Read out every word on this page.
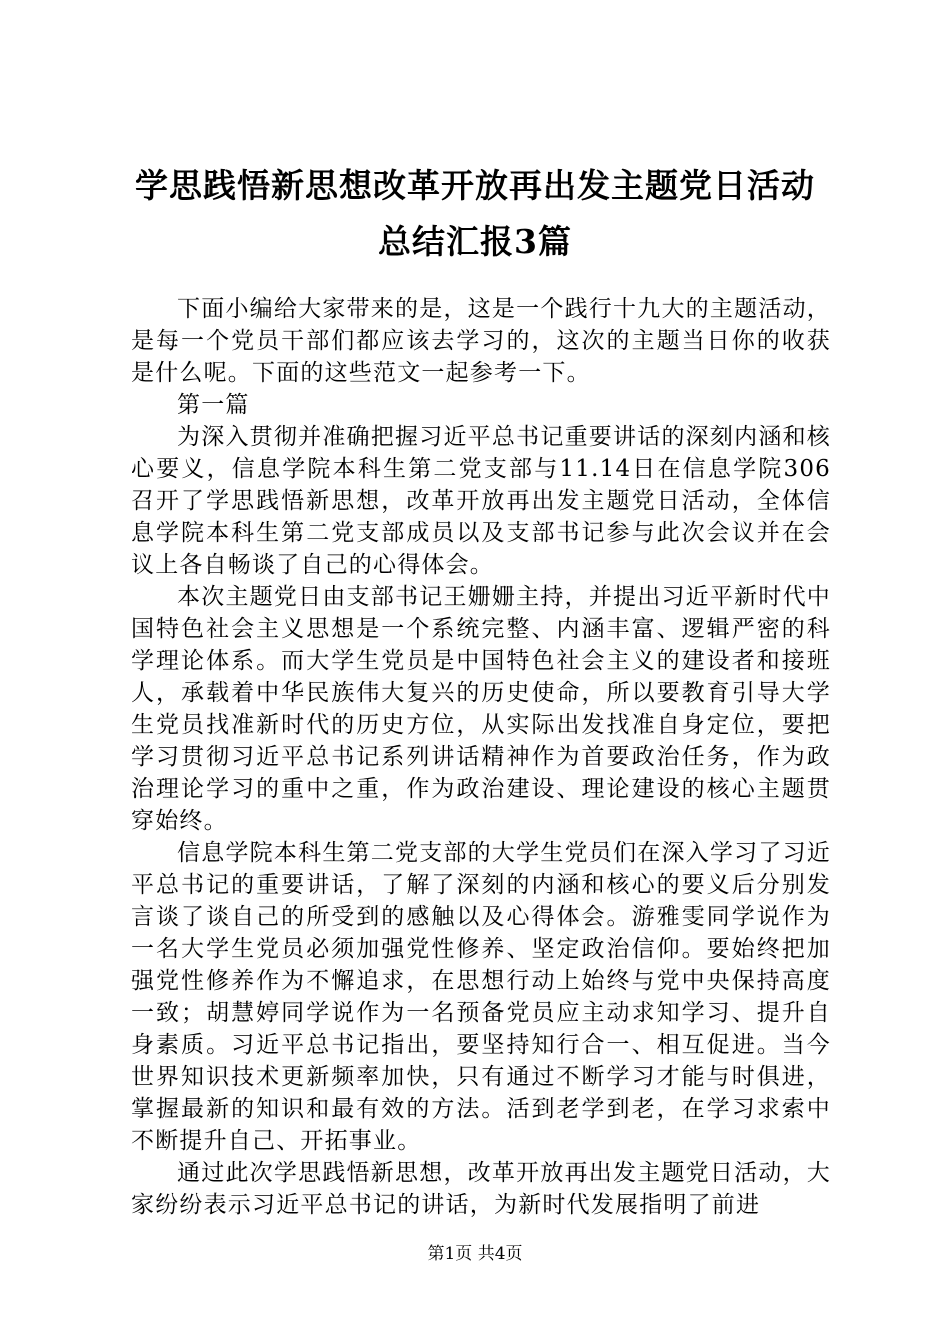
学思践悟新思想改革开放再出发主题党日活动
总结汇报3篇

下面小编给大家带来的是，这是一个践行十九大的主题活动，是每一个党员干部们都应该去学习的，这次的主题当日你的收获是什么呢。下面的这些范文一起参考一下。

第一篇

为深入贯彻并准确把握习近平总书记重要讲话的深刻内涵和核心要义，信息学院本科生第二党支部与11.14日在信息学院306召开了学思践悟新思想，改革开放再出发主题党日活动，全体信息学院本科生第二党支部成员以及支部书记参与此次会议并在会议上各自畅谈了自己的心得体会。

本次主题党日由支部书记王姗姗主持，并提出习近平新时代中国特色社会主义思想是一个系统完整、内涵丰富、逻辑严密的科学理论体系。而大学生党员是中国特色社会主义的建设者和接班人，承载着中华民族伟大复兴的历史使命，所以要教育引导大学生党员找准新时代的历史方位，从实际出发找准自身定位，要把学习贯彻习近平总书记系列讲话精神作为首要政治任务，作为政治理论学习的重中之重，作为政治建设、理论建设的核心主题贯穿始终。

信息学院本科生第二党支部的大学生党员们在深入学习了习近平总书记的重要讲话，了解了深刻的内涵和核心的要义后分别发言谈了谈自己的所受到的感触以及心得体会。游雅雯同学说作为一名大学生党员必须加强党性修养、坚定政治信仰。要始终把加强党性修养作为不懈追求，在思想行动上始终与党中央保持高度一致；胡慧婷同学说作为一名预备党员应主动求知学习、提升自身素质。习近平总书记指出，要坚持知行合一、相互促进。当今世界知识技术更新频率加快，只有通过不断学习才能与时俱进，掌握最新的知识和最有效的方法。活到老学到老，在学习求索中不断提升自己、开拓事业。

通过此次学思践悟新思想，改革开放再出发主题党日活动，大家纷纷表示习近平总书记的讲话，为新时代发展指明了前进

第1页 共4页
